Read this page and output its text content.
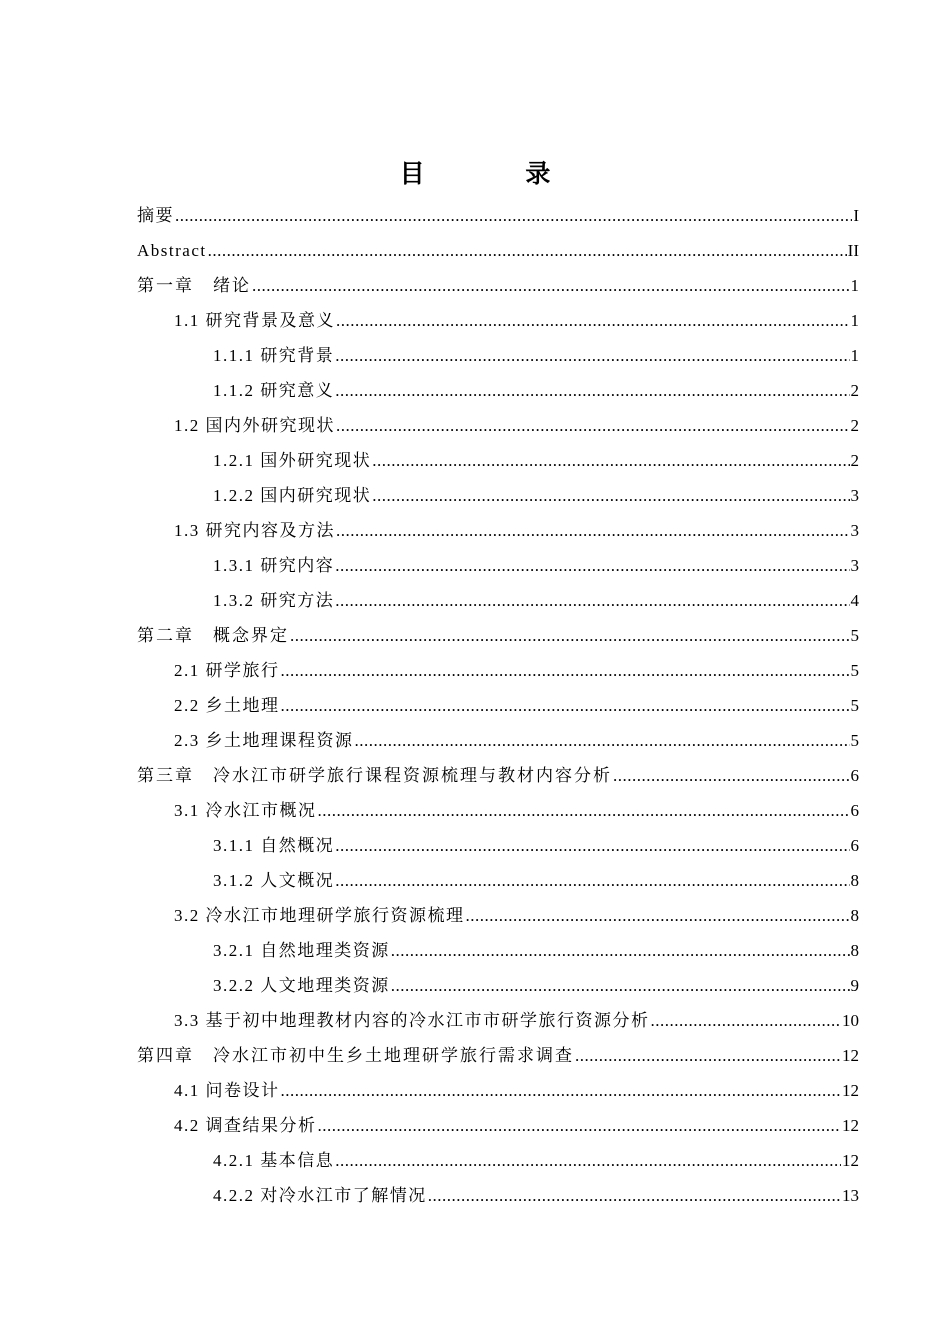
目 录
摘要 .....	I
Abstract .....	II
第一章　绪论 .....	1
1.1 研究背景及意义 .....	1
1.1.1 研究背景 .....	1
1.1.2 研究意义 .....	2
1.2 国内外研究现状 .....	2
1.2.1 国外研究现状 .....	2
1.2.2 国内研究现状 .....	3
1.3 研究内容及方法 .....	3
1.3.1 研究内容 .....	3
1.3.2 研究方法 .....	4
第二章　概念界定 .....	5
2.1 研学旅行 .....	5
2.2 乡土地理 .....	5
2.3 乡土地理课程资源 .....	5
第三章　冷水江市研学旅行课程资源梳理与教材内容分析 .....	6
3.1 冷水江市概况 .....	6
3.1.1 自然概况 .....	6
3.1.2 人文概况 .....	8
3.2 冷水江市地理研学旅行资源梳理 .....	8
3.2.1 自然地理类资源 .....	8
3.2.2 人文地理类资源 .....	9
3.3 基于初中地理教材内容的冷水江市市研学旅行资源分析 .....	10
第四章　冷水江市初中生乡土地理研学旅行需求调查 .....	12
4.1 问卷设计 .....	12
4.2 调查结果分析 .....	12
4.2.1 基本信息 .....	12
4.2.2 对冷水江市了解情况 .....	13
